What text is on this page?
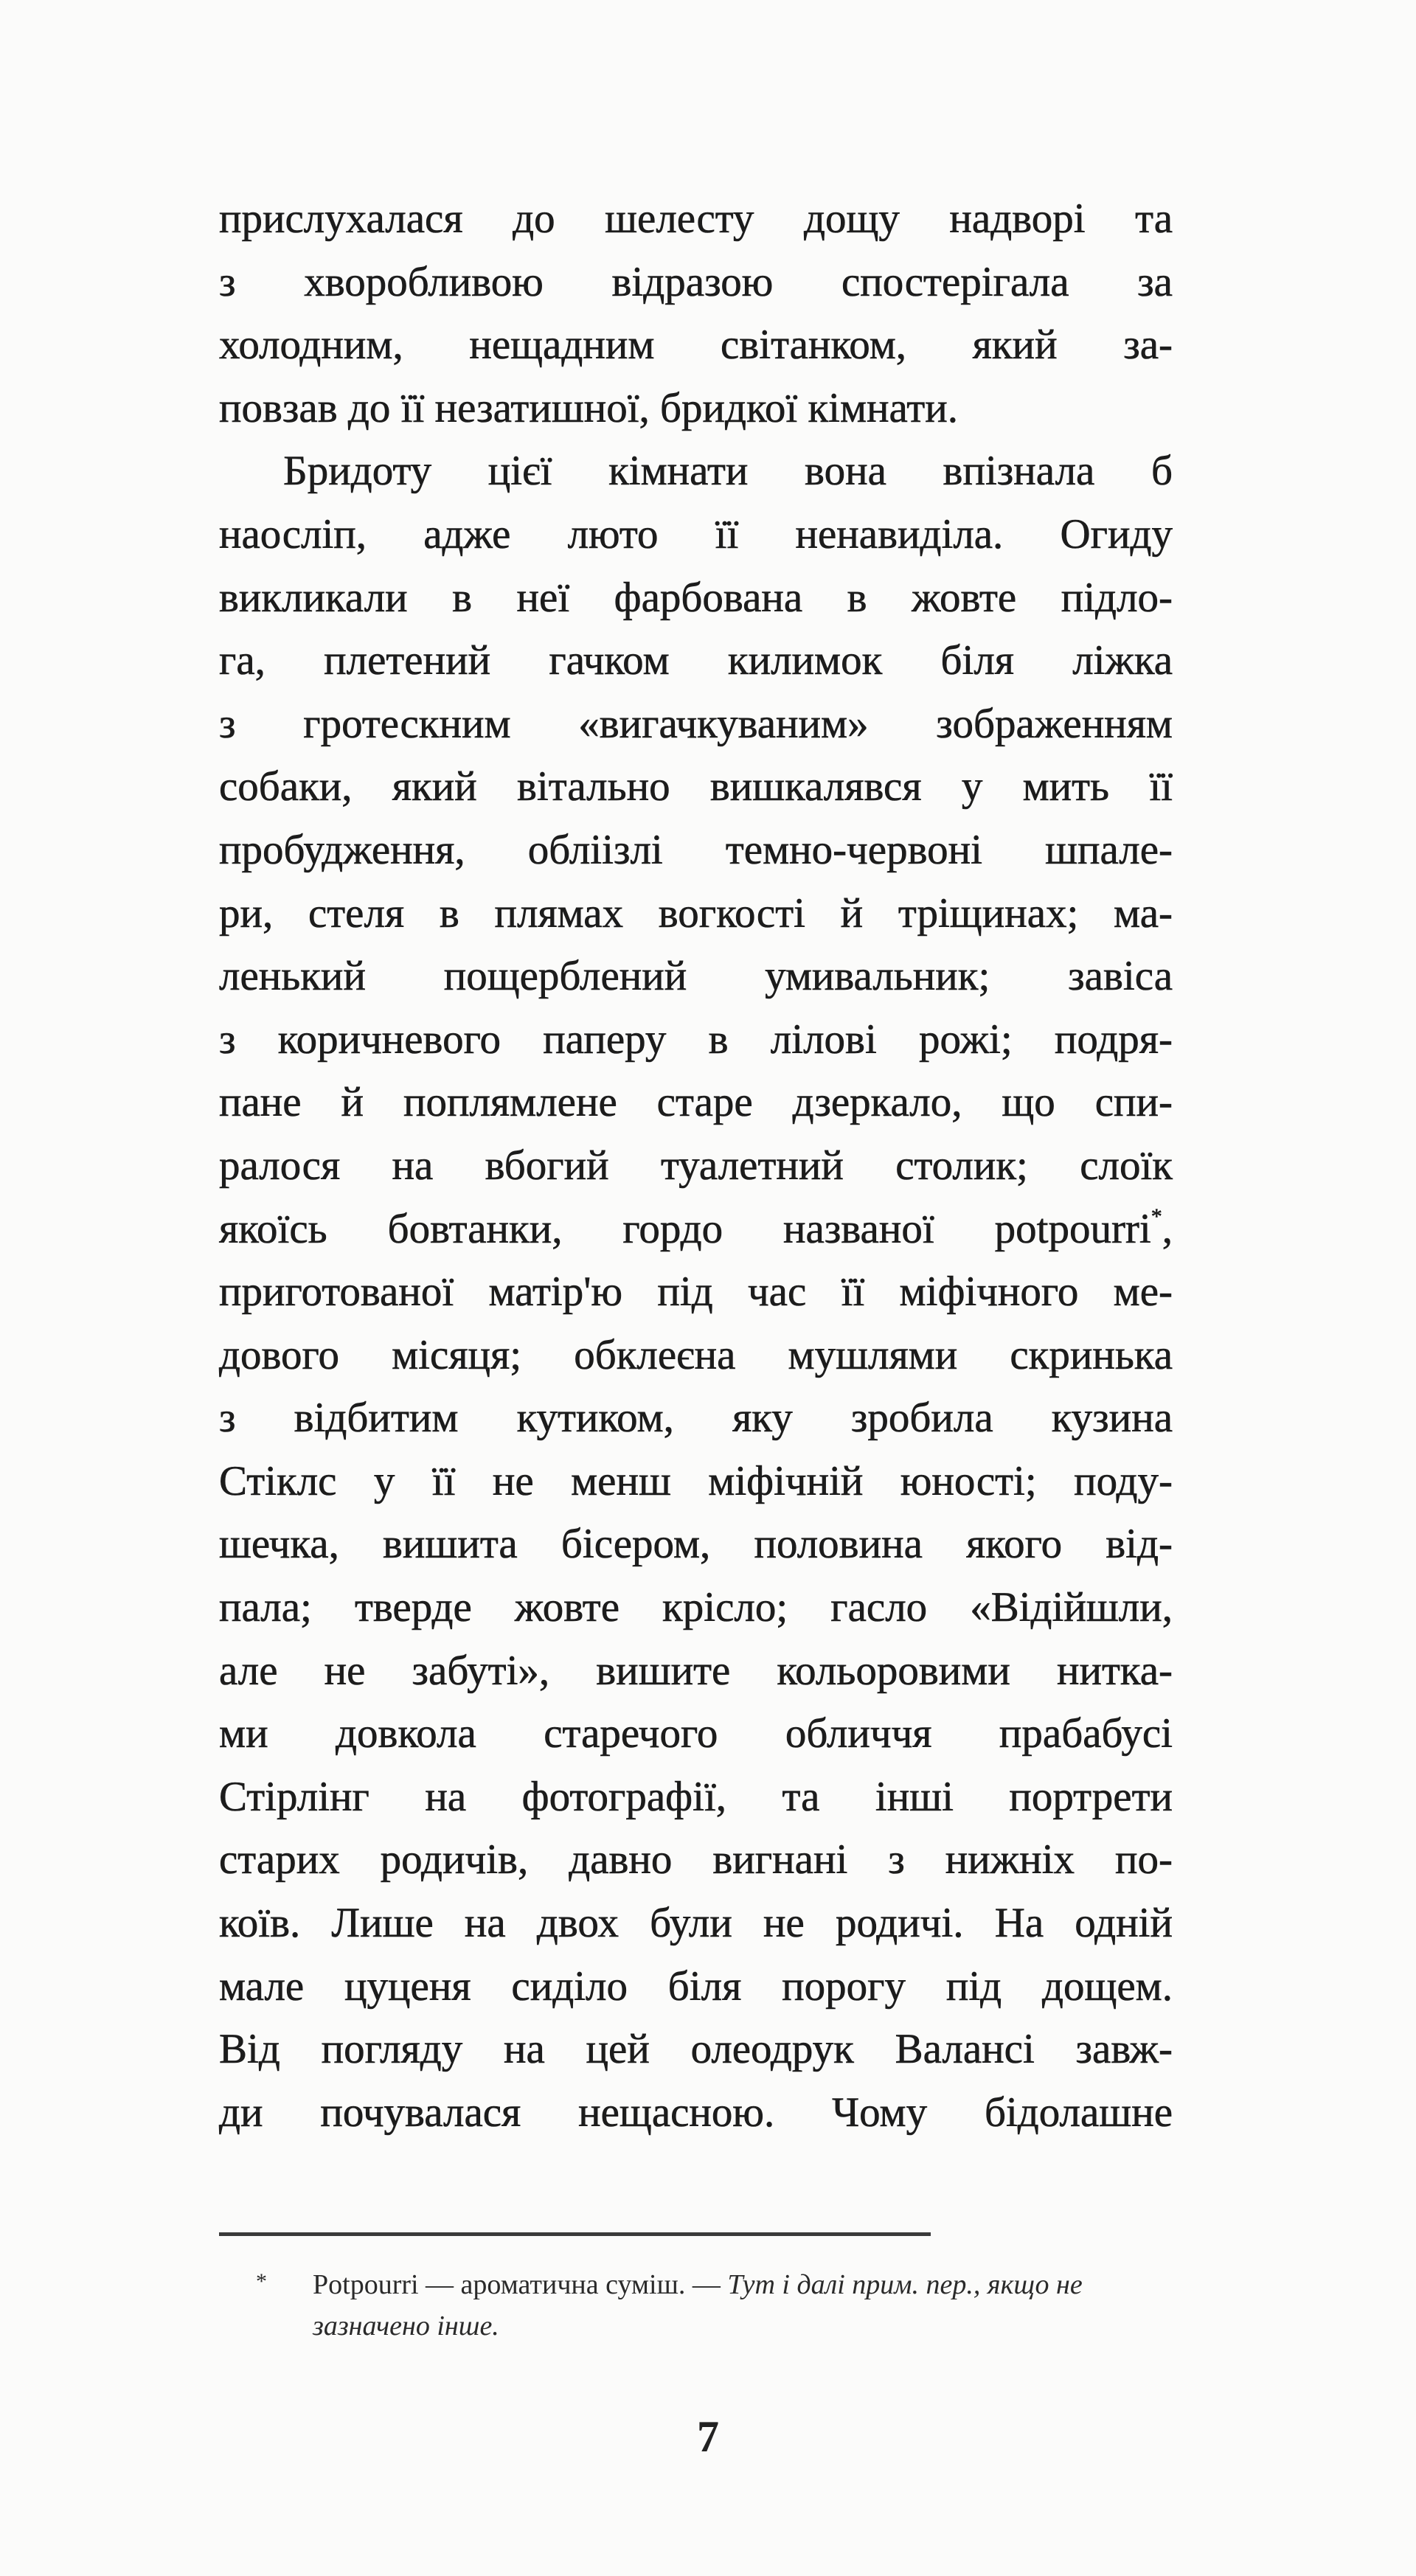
прислухалася до шелесту дощу надворі та
з хворобливою відразою спостерігала за
холодним, нещадним світанком, який за-
повзав до її незатишної, бридкої кімнати.
Бридоту цієї кімнати вона впізнала б
наосліп, адже люто її ненавиділа. Огиду
викликали в неї фарбована в жовте підло-
га, плетений гачком килимок біля ліжка
з гротескним «вигачкуваним» зображенням
собаки, який вітально вишкалявся у мить її
пробудження, обліізлі темно-червоні шпале-
ри, стеля в плямах вогкості й тріщинах; ма-
ленький пощерблений умивальник; завіса
з коричневого паперу в лілові рожі; подря-
пане й поплямлене старе дзеркало, що спи-
ралося на вбогий туалетний столик; слоїк
якоїсь бовтанки, гордо названої potpourri*,
приготованої матір'ю під час її міфічного ме-
дового місяця; обклеєна мушлями скринька
з відбитим кутиком, яку зробила кузина
Стіклс у її не менш міфічній юності; поду-
шечка, вишита бісером, половина якого від-
пала; тверде жовте крісло; гасло «Відійшли,
але не забуті», вишите кольоровими нитка-
ми довкола старечого обличчя прабабусі
Стірлінг на фотографії, та інші портрети
старих родичів, давно вигнані з нижніх по-
коїв. Лише на двох були не родичі. На одній
мале цуценя сиділо біля порогу під дощем.
Від погляду на цей олеодрук Валансі завж-
ди почувалася нещасною. Чому бідолашне
* Potpourri — ароматична суміш. — Тут і далі прим. пер., якщо не зазначено інше.
7
